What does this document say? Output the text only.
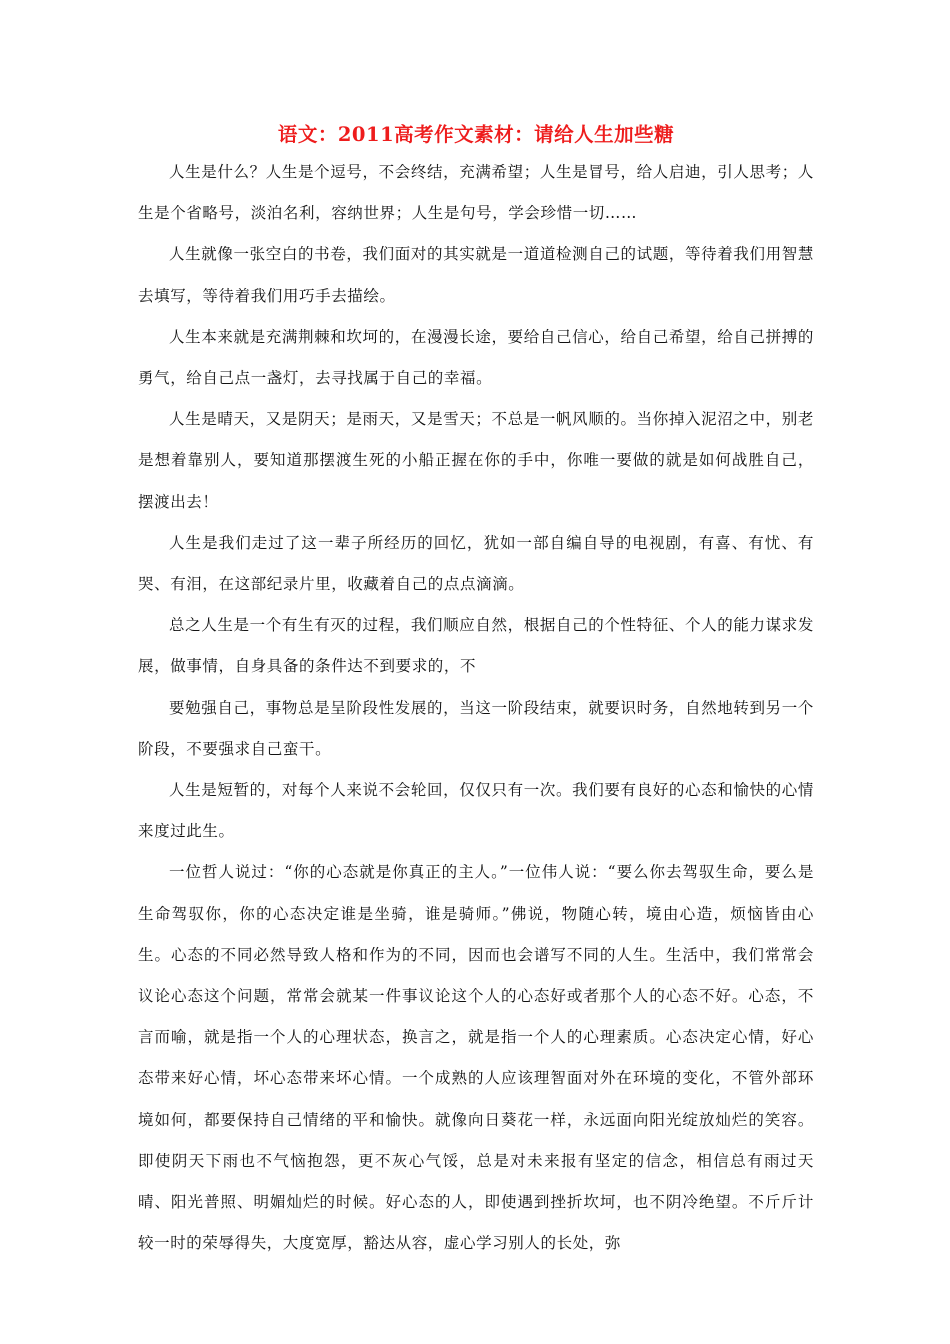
语文：2011高考作文素材：请给人生加些糖

人生是什么？人生是个逗号，不会终结，充满希望；人生是冒号，给人启迪，引人思考；人生是个省略号，淡泊名利，容纳世界；人生是句号，学会珍惜一切……

人生就像一张空白的书卷，我们面对的其实就是一道道检测自己的试题，等待着我们用智慧去填写，等待着我们用巧手去描绘。

人生本来就是充满荆棘和坎坷的，在漫漫长途，要给自己信心，给自己希望，给自己拼搏的勇气，给自己点一盏灯，去寻找属于自己的幸福。

人生是晴天，又是阴天；是雨天，又是雪天；不总是一帆风顺的。当你掉入泥沼之中，别老是想着靠别人，要知道那摆渡生死的小船正握在你的手中，你唯一要做的就是如何战胜自己，摆渡出去！

人生是我们走过了这一辈子所经历的回忆，犹如一部自编自导的电视剧，有喜、有忧、有哭、有泪，在这部纪录片里，收藏着自己的点点滴滴。

总之人生是一个有生有灭的过程，我们顺应自然，根据自己的个性特征、个人的能力谋求发展，做事情，自身具备的条件达不到要求的，不

要勉强自己，事物总是呈阶段性发展的，当这一阶段结束，就要识时务，自然地转到另一个阶段，不要强求自己蛮干。

人生是短暂的，对每个人来说不会轮回，仅仅只有一次。我们要有良好的心态和愉快的心情来度过此生。

一位哲人说过：“你的心态就是你真正的主人。”一位伟人说：“要么你去驾驭生命，要么是生命驾驭你，你的心态决定谁是坐骑，谁是骑师。”佛说，物随心转，境由心造，烦恼皆由心生。心态的不同必然导致人格和作为的不同，因而也会谱写不同的人生。生活中，我们常常会议论心态这个问题，常常会就某一件事议论这个人的心态好或者那个人的心态不好。心态，不言而喻，就是指一个人的心理状态，换言之，就是指一个人的心理素质。心态决定心情，好心态带来好心情，坏心态带来坏心情。一个成熟的人应该理智面对外在环境的变化，不管外部环境如何，都要保持自己情绪的平和愉快。就像向日葵花一样，永远面向阳光绽放灿烂的笑容。即使阴天下雨也不气恼抱怨，更不灰心气馁，总是对未来报有坚定的信念，相信总有雨过天晴、阳光普照、明媚灿烂的时候。好心态的人，即使遇到挫折坎坷，也不阴冷绝望。不斤斤计较一时的荣辱得失，大度宽厚，豁达从容，虚心学习别人的长处，弥
